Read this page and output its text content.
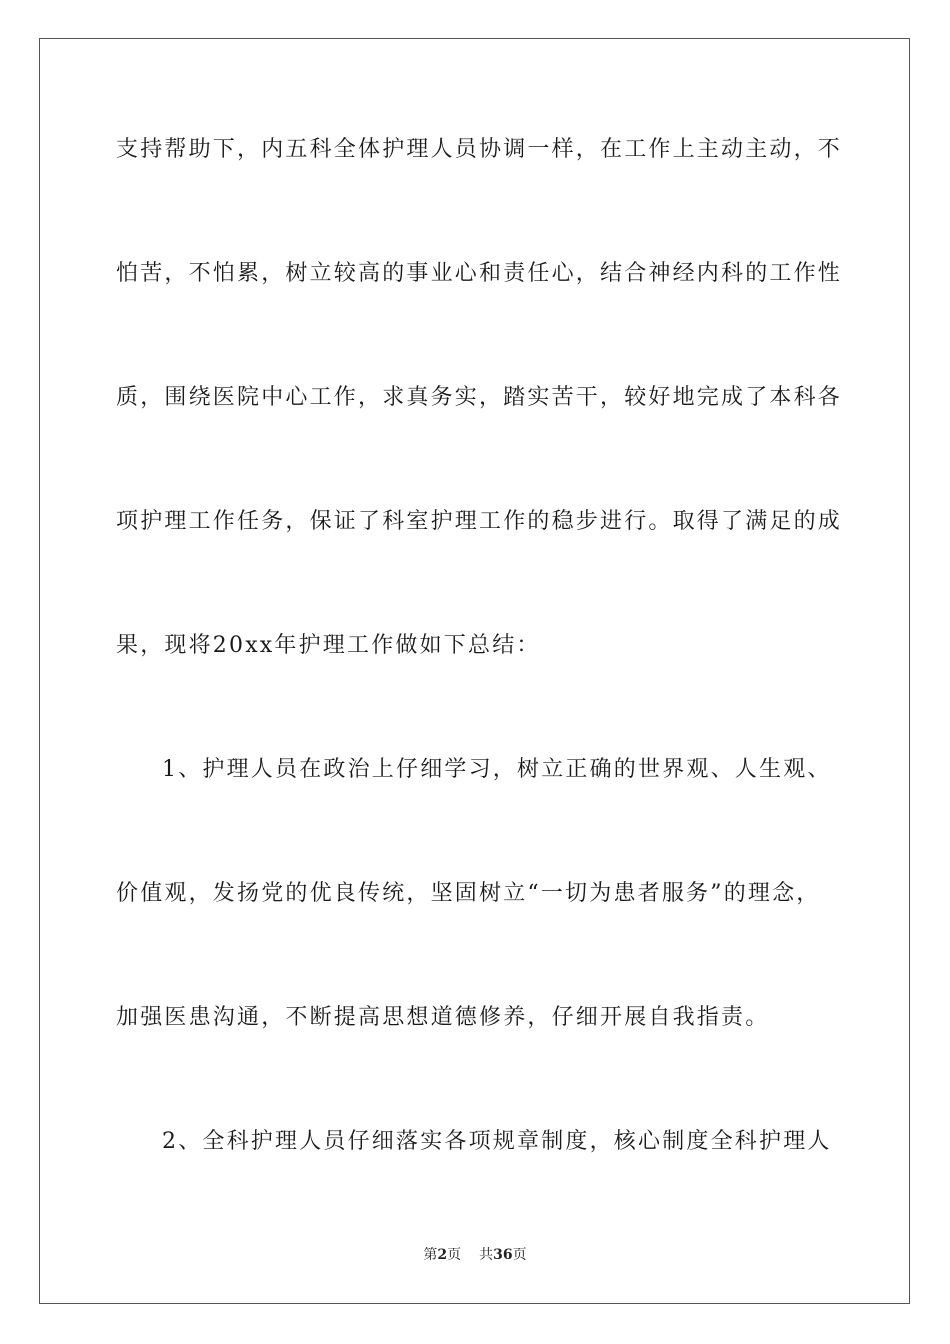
支持帮助下，内五科全体护理人员协调一样，在工作上主动主动，不
怕苦，不怕累，树立较高的事业心和责任心，结合神经内科的工作性
质，围绕医院中心工作，求真务实，踏实苦干，较好地完成了本科各
项护理工作任务，保证了科室护理工作的稳步进行。取得了满足的成
果，现将20xx年护理工作做如下总结：
1、护理人员在政治上仔细学习，树立正确的世界观、人生观、
价值观，发扬党的优良传统，坚固树立“一切为患者服务”的理念，
加强医患沟通，不断提高思想道德修养，仔细开展自我指责。
2、全科护理人员仔细落实各项规章制度，核心制度全科护理人
第2页 共36页
